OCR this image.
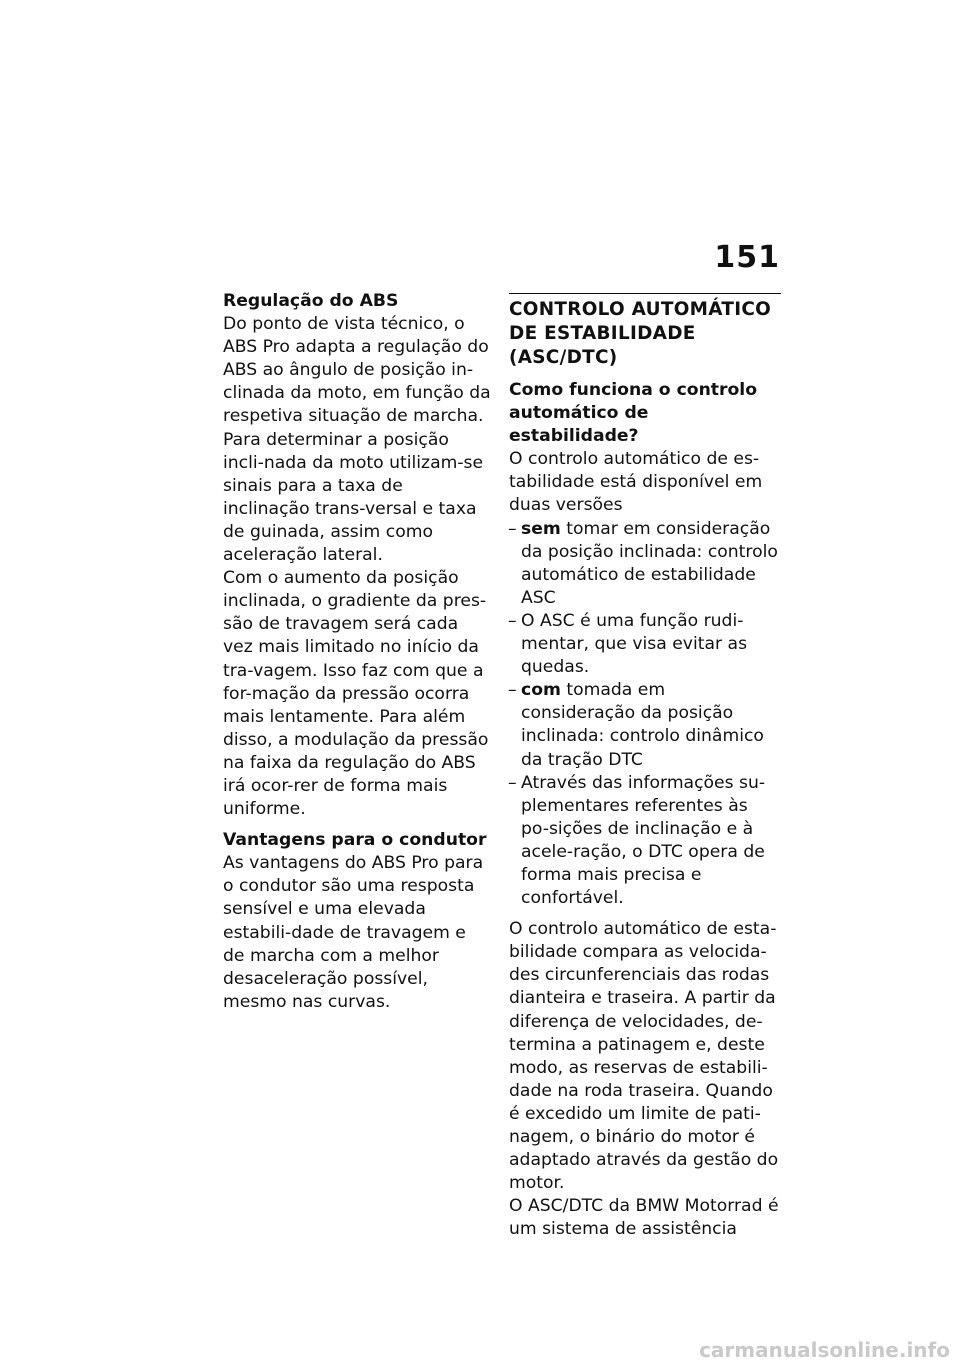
151

Regulação do ABS

Do ponto de vista técnico, o ABS Pro adapta a regulação do ABS ao ângulo de posição in-clinada da moto, em função da respetiva situação de marcha. Para determinar a posição incli-nada da moto utilizam-se sinais para a taxa de inclinação trans-versal e taxa de guinada, assim como aceleração lateral.

Com o aumento da posição inclinada, o gradiente da pres-são de travagem será cada vez mais limitado no início da tra-vagem. Isso faz com que a for-mação da pressão ocorra mais lentamente. Para além disso, a modulação da pressão na faixa da regulação do ABS irá ocor-rer de forma mais uniforme.

Vantagens para o condutor

As vantagens do ABS Pro para o condutor são uma resposta sensível e uma elevada estabili-dade de travagem e de marcha com a melhor desaceleração possível, mesmo nas curvas.

CONTROLO AUTOMÁTICO DE ESTABILIDADE (ASC/DTC)

Como funciona o controlo automático de estabilidade?

O controlo automático de es-tabilidade está disponível em duas versões

– sem tomar em consideração da posição inclinada: controlo automático de estabilidade ASC
– O ASC é uma função rudi-mentar, que visa evitar as quedas.
– com tomada em consideração da posição inclinada: controlo dinâmico da tração DTC
– Através das informações su-plementares referentes às po-sições de inclinação e à acele-ração, o DTC opera de forma mais precisa e confortável.

O controlo automático de esta-bilidade compara as velocida-des circunferenciais das rodas dianteira e traseira. A partir da diferença de velocidades, de-termina a patinagem e, deste modo, as reservas de estabili-dade na roda traseira. Quando é excedido um limite de pati-nagem, o binário do motor é adaptado através da gestão do motor.

O ASC/DTC da BMW Motorrad é um sistema de assistência

carmanualsonline.info
